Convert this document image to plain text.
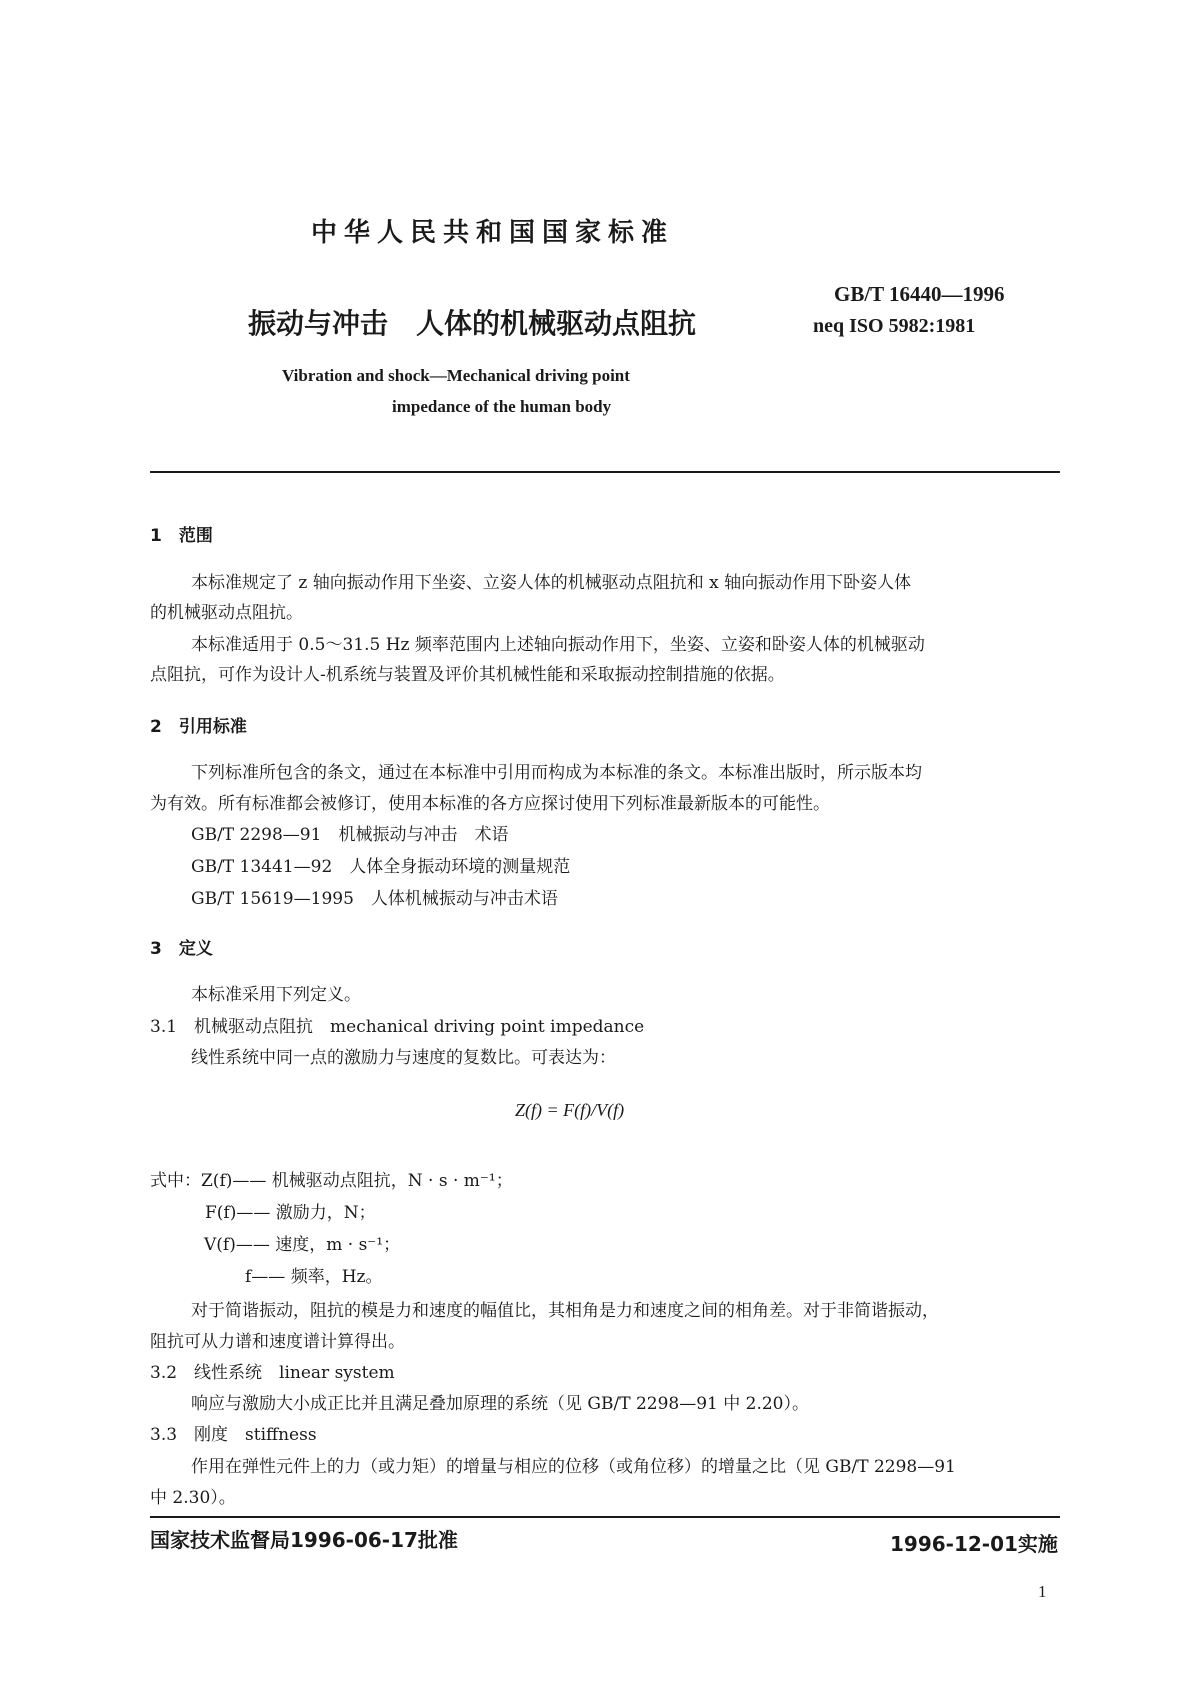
中华人民共和国国家标准
振动与冲击　人体的机械驱动点阻抗
GB/T 16440—1996
neq ISO 5982:1981
Vibration and shock—Mechanical driving point
impedance of the human body
1　范围
本标准规定了 z 轴向振动作用下坐姿、立姿人体的机械驱动点阻抗和 x 轴向振动作用下卧姿人体
的机械驱动点阻抗。
本标准适用于 0.5～31.5 Hz 频率范围内上述轴向振动作用下，坐姿、立姿和卧姿人体的机械驱动
点阻抗，可作为设计人-机系统与装置及评价其机械性能和采取振动控制措施的依据。
2　引用标准
下列标准所包含的条文，通过在本标准中引用而构成为本标准的条文。本标准出版时，所示版本均
为有效。所有标准都会被修订，使用本标准的各方应探讨使用下列标准最新版本的可能性。
GB/T 2298—91　机械振动与冲击　术语
GB/T 13441—92　人体全身振动环境的测量规范
GB/T 15619—1995　人体机械振动与冲击术语
3　定义
本标准采用下列定义。
3.1　机械驱动点阻抗　mechanical driving point impedance
线性系统中同一点的激励力与速度的复数比。可表达为：
Z(f) = F(f)/V(f)
式中：Z(f)—— 机械驱动点阻抗，N · s · m⁻¹；
F(f)—— 激励力，N；
V(f)—— 速度，m · s⁻¹；
f—— 频率，Hz。
对于简谐振动，阻抗的模是力和速度的幅值比，其相角是力和速度之间的相角差。对于非简谐振动，
阻抗可从力谱和速度谱计算得出。
3.2　线性系统　linear system
响应与激励大小成正比并且满足叠加原理的系统（见 GB/T 2298—91 中 2.20）。
3.3　刚度　stiffness
作用在弹性元件上的力（或力矩）的增量与相应的位移（或角位移）的增量之比（见 GB/T 2298—91
中 2.30）。
国家技术监督局1996-06-17批准	1996-12-01实施
1
